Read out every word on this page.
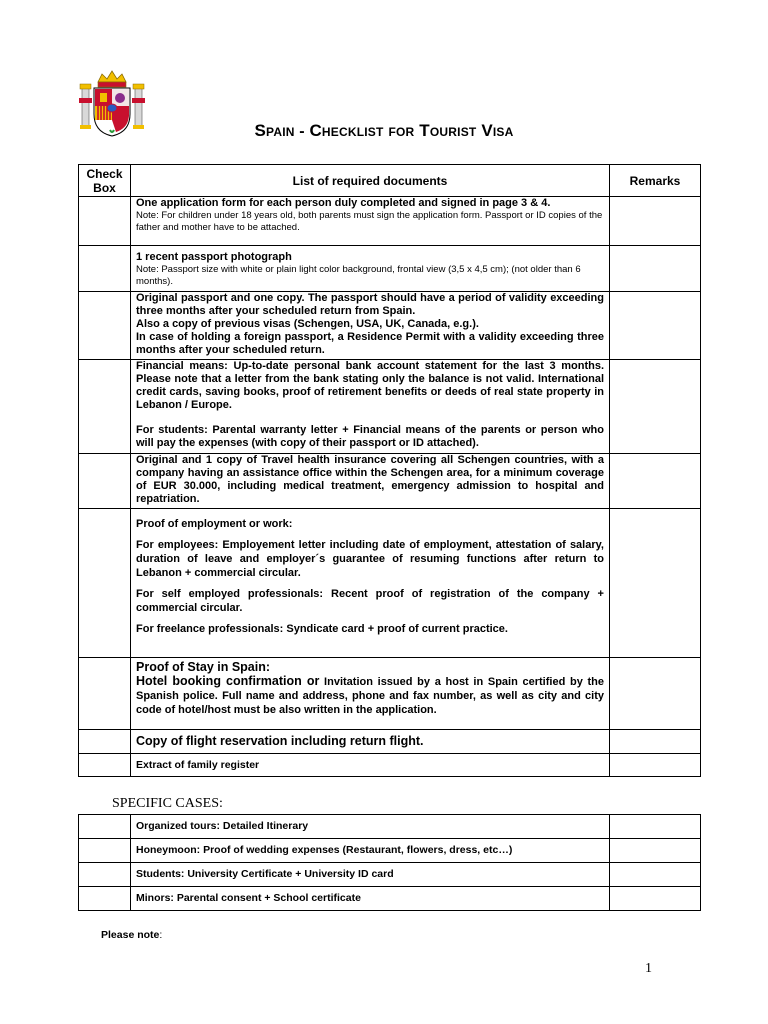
Spain - Checklist for Tourist Visa
Check Box	List of required documents	Remarks
	One application form for each person duly completed and signed in page 3 & 4.
Note: For children under 18 years old, both parents must sign the application form. Passport or ID copies of the father and mother have to be attached.	

	1 recent passport photograph
Note: Passport size with white or plain light color background, frontal view (3,5 x 4,5 cm); (not older than 6 months).	

	Original passport and one copy. The passport should have a period of validity exceeding three months after your scheduled return from Spain.

Also a copy of previous visas (Schengen, USA, UK, Canada, e.g.).

In case of holding a foreign passport, a Residence Permit with a validity exceeding three months after your scheduled return.	

	Financial means: Up-to-date personal bank account statement for the last 3 months. Please note that a letter from the bank stating only the balance is not valid. International credit cards, saving books, proof of retirement benefits or deeds of real state property in Lebanon / Europe.

For students: Parental warranty letter + Financial means of the parents or person who will pay the expenses (with copy of their passport or ID attached).	

	Original and 1 copy of Travel health insurance covering all Schengen countries, with a company having an assistance office within the Schengen area, for a minimum coverage of EUR 30.000, including medical treatment, emergency admission to hospital and repatriation.	

	Proof of employment or work:

For employees: Employement letter including date of employment, attestation of salary, duration of leave and employer´s guarantee of resuming functions after return to Lebanon + commercial circular.

For self employed professionals: Recent proof of registration of the company + commercial circular.

For freelance professionals: Syndicate card + proof of current practice.	

	Proof of Stay in Spain:

Hotel booking confirmation or Invitation issued by a host in Spain certified by the Spanish police. Full name and address, phone and fax number, as well as city and city code of hotel/host must be also written in the application.	

	Copy of flight reservation including return flight.	

	Extract of family register	

SPECIFIC CASES:
	Organized tours: Detailed Itinerary	
	Honeymoon: Proof of wedding expenses (Restaurant, flowers, dress, etc…)	
	Students: University Certificate + University ID card	
	Minors: Parental consent + School certificate	
Please note:
1
